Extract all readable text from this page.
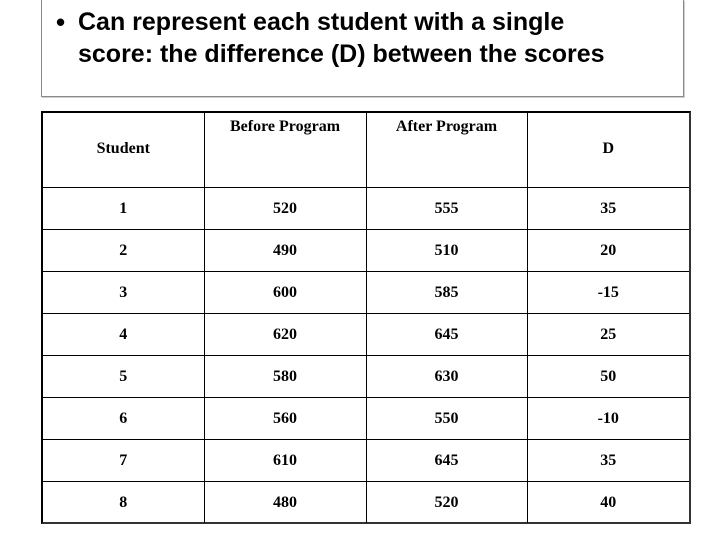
• Can represent each student with a single
score: the difference (D) between the scores
Student	Before Program	After Program	D

1	520	555	35
2	490	510	20
3	600	585	-15
4	620	645	25
5	580	630	50
6	560	550	-10
7	610	645	35
8	480	520	40
